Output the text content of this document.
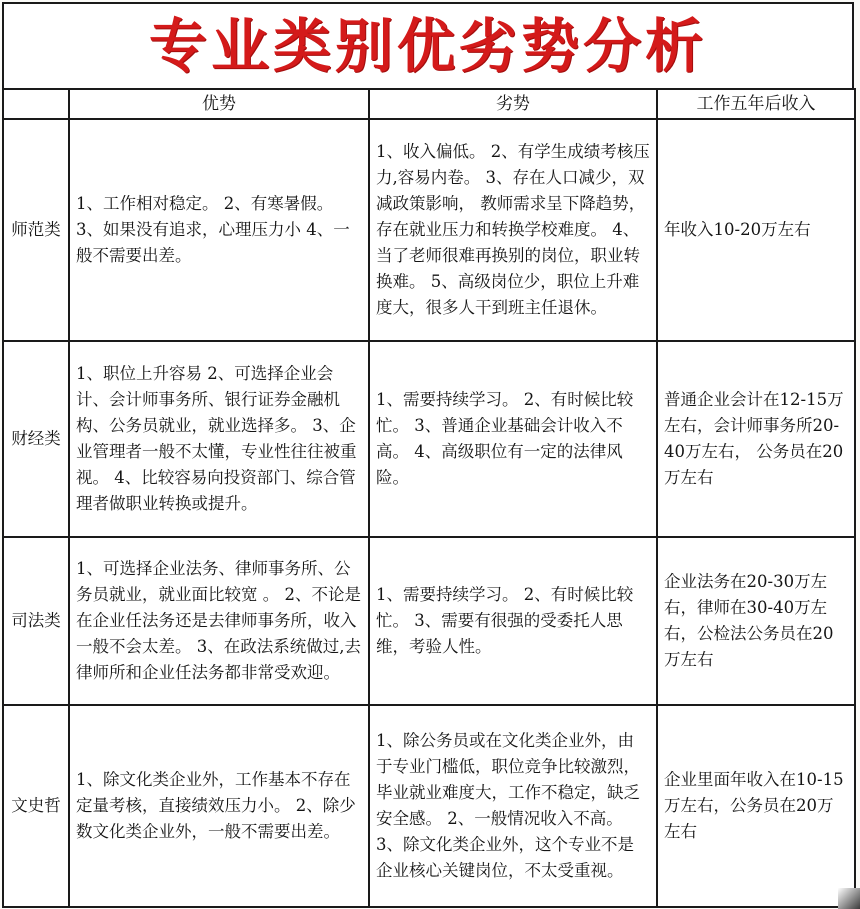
专业类别优劣势分析
	优势	劣势	工作五年后收入
师范类	1、工作相对稳定。 2、有寒暑假。 3、如果没有追求，心理压力小 4、一般不需要出差。	1、收入偏低。 2、有学生成绩考核压力,容易内卷。 3、存在人口减少，双减政策影响， 教师需求呈下降趋势，存在就业压力和转换学校难度。 4、当了老师很难再换别的岗位，职业转换难。 5、高级岗位少，职位上升难度大，很多人干到班主任退休。	年收入10-20万左右
财经类	1、职位上升容易 2、可选择企业会计、会计师事务所、银行证券金融机构、公务员就业，就业选择多。 3、企业管理者一般不太懂，专业性往往被重视。 4、比较容易向投资部门、综合管理者做职业转换或提升。	1、需要持续学习。 2、有时候比较忙。 3、普通企业基础会计收入不高。 4、高级职位有一定的法律风险。	普通企业会计在12-15万左右，会计师事务所20-40万左右， 公务员在20万左右
司法类	1、可选择企业法务、律师事务所、公务员就业，就业面比较宽 。 2、不论是在企业任法务还是去律师事务所，收入一般不会太差。 3、在政法系统做过,去律师所和企业任法务都非常受欢迎。	1、需要持续学习。 2、有时候比较忙。 3、需要有很强的受委托人思维，考验人性。	企业法务在20-30万左右，律师在30-40万左右，公检法公务员在20万左右
文史哲	1、除文化类企业外，工作基本不存在定量考核，直接绩效压力小。 2、除少数文化类企业外，一般不需要出差。	1、除公务员或在文化类企业外，由于专业门槛低，职位竞争比较激烈，毕业就业难度大，工作不稳定，缺乏安全感。 2、一般情况收入不高。 3、除文化类企业外，这个专业不是企业核心关键岗位，不太受重视。	企业里面年收入在10-15万左右，公务员在20万左右
